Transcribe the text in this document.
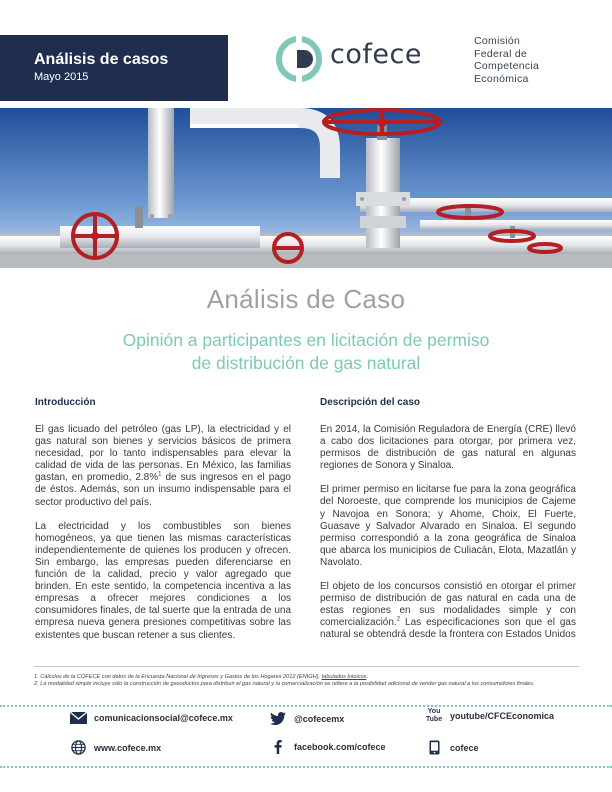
Análisis de casos
Mayo 2015
cofece	Comisión
Federal de
Competencia
Económica
Análisis de Caso
Opinión a participantes en licitación de permiso
de distribución de gas natural
Introducción

El gas licuado del petróleo (gas LP), la electricidad y el gas natural son bienes y servicios básicos de primera necesidad, por lo tanto indispensables para elevar la calidad de vida de las personas. En México, las familias gastan, en promedio, 2.8%$^1$ de sus ingresos en el pago de éstos. Además, son un insumo indispensable para el sector productivo del país.

La electricidad y los combustibles son bienes homogéneos, ya que tienen las mismas características independientemente de quienes los producen y ofrecen. Sin embargo, las empresas pueden diferenciarse en función de la calidad, precio y valor agregado que brinden. En este sentido, la competencia incentiva a las empresas a ofrecer mejores condiciones a los consumidores finales, de tal suerte que la entrada de una empresa nueva genera presiones competitivas sobre las existentes que buscan retener a sus clientes.

Descripción del caso

En 2014, la Comisión Reguladora de Energía (CRE) llevó a cabo dos licitaciones para otorgar, por primera vez, permisos de distribución de gas natural en algunas regiones de Sonora y Sinaloa.

El primer permiso en licitarse fue para la zona geográfica del Noroeste, que comprende los municipios de Cajeme y Navojoa en Sonora; y Ahome, Choix, El Fuerte, Guasave y Salvador Alvarado en Sinaloa. El segundo permiso correspondió a la zona geográfica de Sinaloa que abarca los municipios de Culiacán, Elota, Mazatlán y Navolato.

El objeto de los concursos consistió en otorgar el primer permiso de distribución de gas natural en cada una de estas regiones en sus modalidades simple y con comercialización.$^2$ Las especificaciones son que el gas natural se obtendrá desde la frontera con Estados Unidos

1. Cálculos de la COFECE con datos de la Encuesta Nacional de Ingresos y Gastos de los Hogares 2012 (ENIGH), tabulados básicos.
2. La modalidad simple incluye sólo la construcción de gasoductos para distribuir el gas natural y la comercialización se refiere a la posibilidad adicional de vender gas natural a los consumidores finales.
comunicacionsocial@cofece.mx	@cofecemx
You
Tube youtube/CFCEconomica
www.cofece.mx	facebook.com/cofece	cofece
